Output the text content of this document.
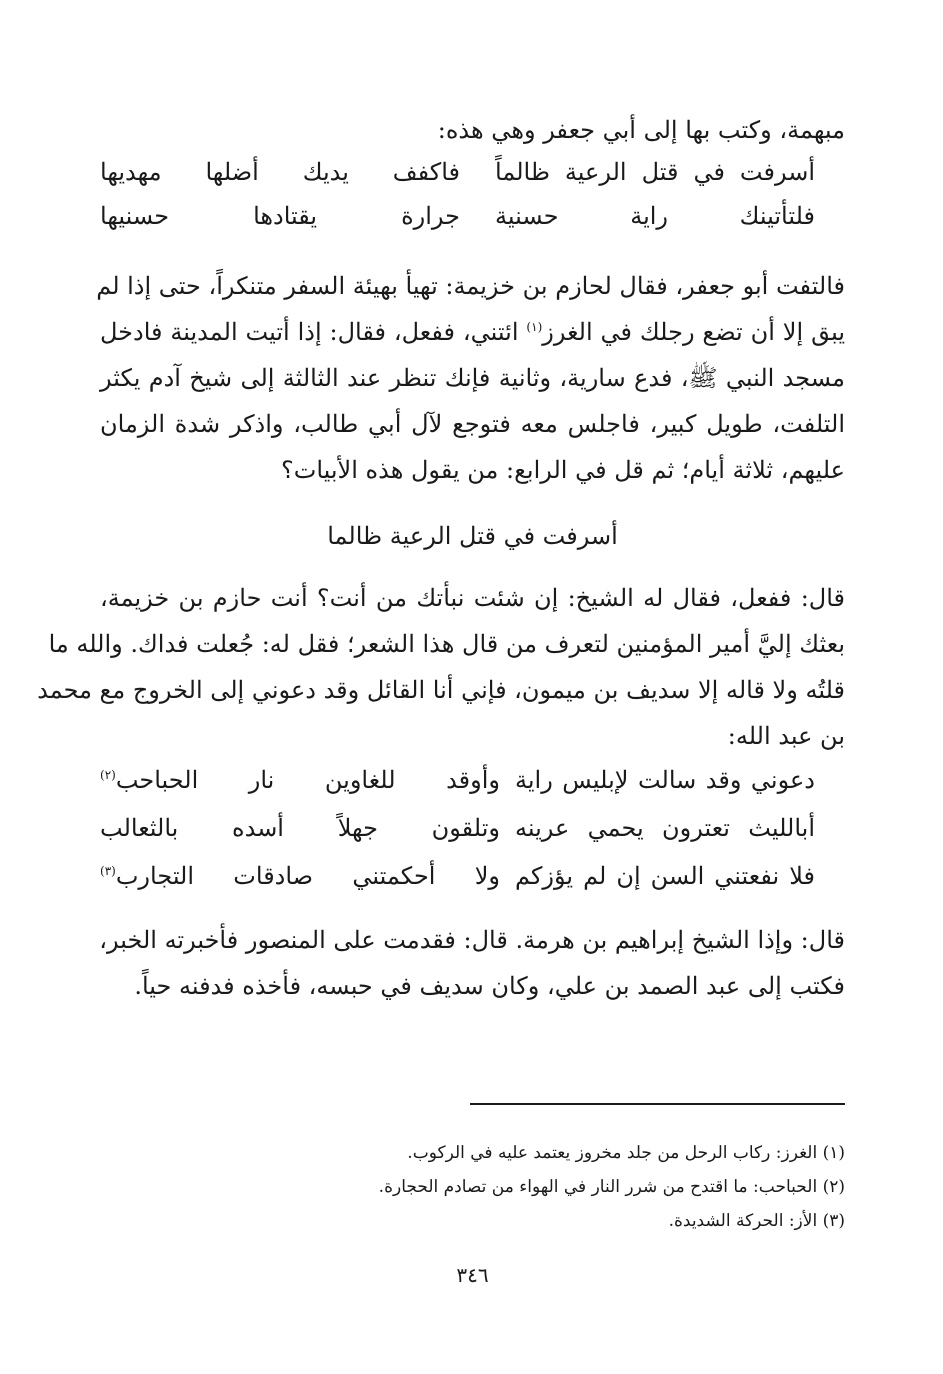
مبهمة، وكتب بها إلى أبي جعفر وهي هذه:
أسرفت في قتل الرعية ظالماً
فاكفف يديك أضلها مهديها
فلتأتينك راية حسنية
جرارة يقتادها حسنيها
فالتفت أبو جعفر، فقال لحازم بن خزيمة: تهيأ بهيئة السفر متنكراً، حتى إذا لم
يبق إلا أن تضع رجلك في الغرز$^{(١)}$ ائتني، ففعل، فقال: إذا أتيت المدينة فادخل
مسجد النبي ﷺ، فدع سارية، وثانية فإنك تنظر عند الثالثة إلى شيخ آدم يكثر
التلفت، طويل كبير، فاجلس معه فتوجع لآل أبي طالب، واذكر شدة الزمان
عليهم، ثلاثة أيام؛ ثم قل في الرابع: من يقول هذه الأبيات؟
أسرفت في قتل الرعية ظالما
قال: ففعل، فقال له الشيخ: إن شئت نبأتك من أنت؟ أنت حازم بن خزيمة،
بعثك إليَّ أمير المؤمنين لتعرف من قال هذا الشعر؛ فقل له: جُعلت فداك. والله ما
قلتُه ولا قاله إلا سديف بن ميمون، فإني أنا القائل وقد دعوني إلى الخروج مع محمد
بن عبد الله:
دعوني وقد سالت لإبليس راية
وأوقد للغاوين نار الحباحب$^{(٢)}$
أبالليث تعترون يحمي عرينه
وتلقون جهلاً أسده بالثعالب
فلا نفعتني السن إن لم يؤزكم
ولا أحكمتني صادقات التجارب$^{(٣)}$
قال: وإذا الشيخ إبراهيم بن هرمة. قال: فقدمت على المنصور فأخبرته الخبر،
فكتب إلى عبد الصمد بن علي، وكان سديف في حبسه، فأخذه فدفنه حياً.
(١) الغرز: ركاب الرحل من جلد مخروز يعتمد عليه في الركوب.
(٢) الحباحب: ما اقتدح من شرر النار في الهواء من تصادم الحجارة.
(٣) الأز: الحركة الشديدة.
٣٤٦
